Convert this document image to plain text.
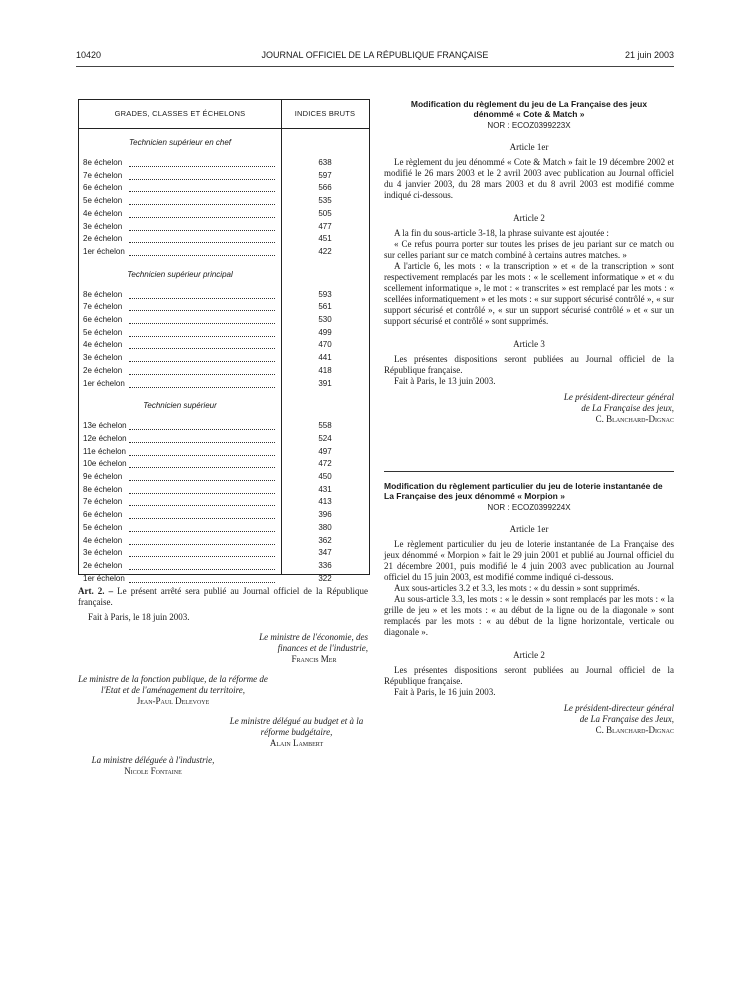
10420	JOURNAL OFFICIEL DE LA RÉPUBLIQUE FRANÇAISE	21 juin 2003
GRADES, CLASSES ET ÉCHELONS	INDICES BRUTS
Technicien supérieur en chef
8e échelon	638
7e échelon	597
6e échelon	566
5e échelon	535
4e échelon	505
3e échelon	477
2e échelon	451
1er échelon	422
Technicien supérieur principal
8e échelon	593
7e échelon	561
6e échelon	530
5e échelon	499
4e échelon	470
3e échelon	441
2e échelon	418
1er échelon	391
Technicien supérieur
13e échelon	558
12e échelon	524
11e échelon	497
10e échelon	472
9e échelon	450
8e échelon	431
7e échelon	413
6e échelon	396
5e échelon	380
4e échelon	362
3e échelon	347
2e échelon	336
1er échelon	322
Art. 2. – Le présent arrêté sera publié au Journal officiel de la République française.
Fait à Paris, le 18 juin 2003.
Le ministre de l'économie, des finances et de l'industrie,
Francis Mer
Le ministre de la fonction publique, de la réforme de l'Etat et de l'aménagement du territoire,
Jean-Paul Delevoye
Le ministre délégué au budget et à la réforme budgétaire,
Alain Lambert
La ministre déléguée à l'industrie,
Nicole Fontaine
Modification du règlement du jeu de La Française des jeux dénommé « Cote & Match »
NOR : ECOZ0399223X
Article 1er
Le règlement du jeu dénommé « Cote & Match » fait le 19 décembre 2002 et modifié le 26 mars 2003 et le 2 avril 2003 avec publication au Journal officiel du 4 janvier 2003, du 28 mars 2003 et du 8 avril 2003 est modifié comme indiqué ci-dessous.
Article 2
A la fin du sous-article 3-18, la phrase suivante est ajoutée :
« Ce refus pourra porter sur toutes les prises de jeu pariant sur ce match ou sur celles pariant sur ce match combiné à certains autres matches. »
A l'article 6, les mots : « la transcription » et « de la transcription » sont respectivement remplacés par les mots : « le scellement informatique » et « du scellement informatique », le mot : « transcrites » est remplacé par les mots : « scellées informatiquement » et les mots : « sur support sécurisé contrôlé », « sur support sécurisé et contrôlé », « sur un support sécurisé contrôlé » et « sur un support sécurisé et contrôlé » sont supprimés.
Article 3
Les présentes dispositions seront publiées au Journal officiel de la République française.
Fait à Paris, le 13 juin 2003.
Le président-directeur général
de La Française des jeux,
C. Blanchard-Dignac
Modification du règlement particulier du jeu de loterie instantanée de La Française des jeux dénommé « Morpion »
NOR : ECOZ0399224X
Article 1er
Le règlement particulier du jeu de loterie instantanée de La Française des jeux dénommé « Morpion » fait le 29 juin 2001 et publié au Journal officiel du 21 décembre 2001, puis modifié le 4 juin 2003 avec publication au Journal officiel du 15 juin 2003, est modifié comme indiqué ci-dessous.
Aux sous-articles 3.2 et 3.3, les mots : « du dessin » sont supprimés.
Au sous-article 3.3, les mots : « le dessin » sont remplacés par les mots : « la grille de jeu » et les mots : « au début de la ligne ou de la diagonale » sont remplacés par les mots : « au début de la ligne horizontale, verticale ou diagonale ».
Article 2
Les présentes dispositions seront publiées au Journal officiel de la République française.
Fait à Paris, le 16 juin 2003.
Le président-directeur général
de La Française des Jeux,
C. Blanchard-Dignac
